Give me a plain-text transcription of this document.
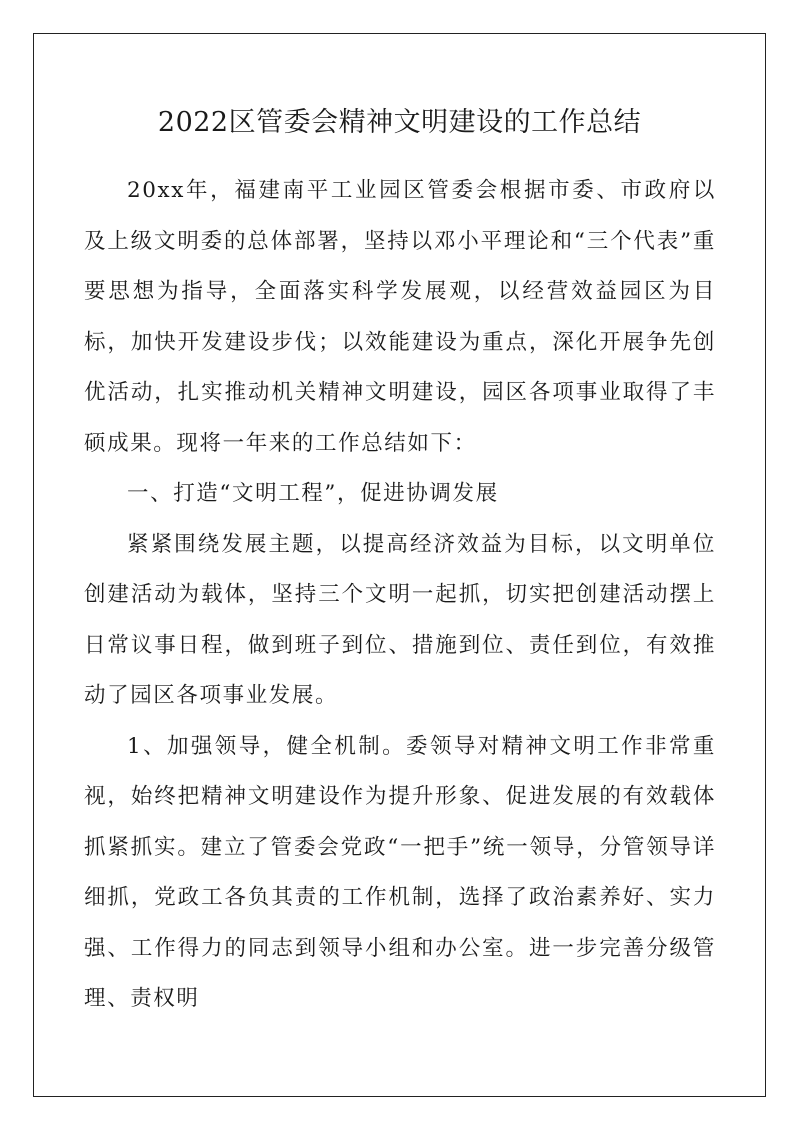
2022区管委会精神文明建设的工作总结

20xx年，福建南平工业园区管委会根据市委、市政府以及上级文明委的总体部署，坚持以邓小平理论和“三个代表”重要思想为指导，全面落实科学发展观，以经营效益园区为目标，加快开发建设步伐；以效能建设为重点，深化开展争先创优活动，扎实推动机关精神文明建设，园区各项事业取得了丰硕成果。现将一年来的工作总结如下：

一、打造“文明工程”，促进协调发展

紧紧围绕发展主题，以提高经济效益为目标，以文明单位创建活动为载体，坚持三个文明一起抓，切实把创建活动摆上日常议事日程，做到班子到位、措施到位、责任到位，有效推动了园区各项事业发展。

1、加强领导，健全机制。委领导对精神文明工作非常重视，始终把精神文明建设作为提升形象、促进发展的有效载体抓紧抓实。建立了管委会党政“一把手”统一领导，分管领导详细抓，党政工各负其责的工作机制，选择了政治素养好、实力强、工作得力的同志到领导小组和办公室。进一步完善分级管理、责权明
